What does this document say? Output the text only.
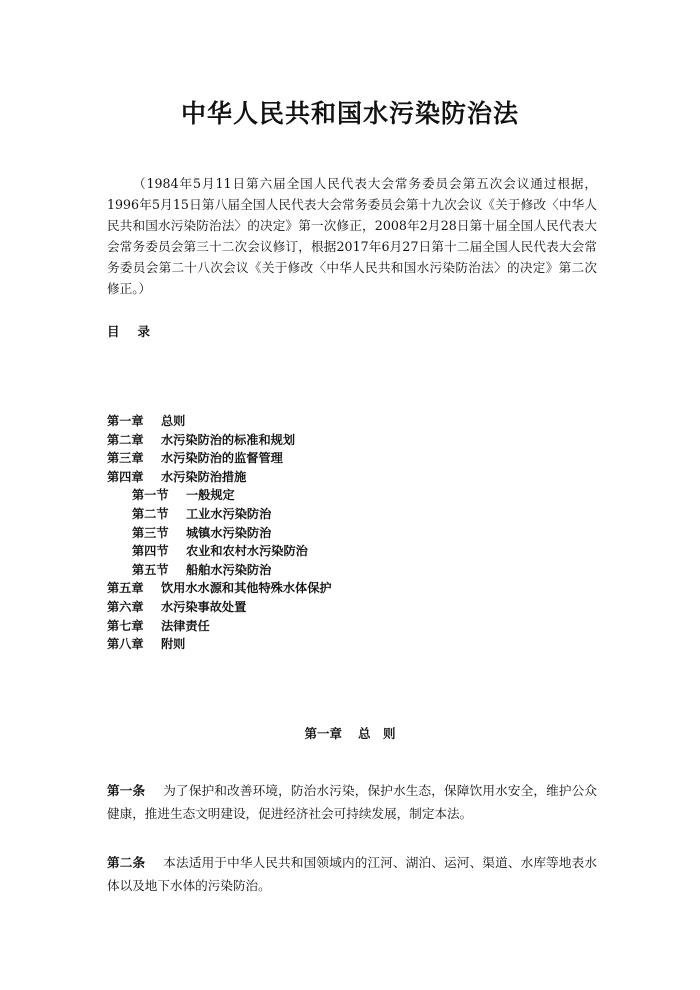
中华人民共和国水污染防治法

（1984年5月11日第六届全国人民代表大会常务委员会第五次会议通过根据，1996年5月15日第八届全国人民代表大会常务委员会第十九次会议《关于修改〈中华人民共和国水污染防治法〉的决定》第一次修正，2008年2月28日第十届全国人民代表大会常务委员会第三十二次会议修订，根据2017年6月27日第十二届全国人民代表大会常务委员会第二十八次会议《关于修改〈中华人民共和国水污染防治法〉的决定》第二次修正。）

目 录
第一章 总则
第二章 水污染防治的标准和规划
第三章 水污染防治的监督管理
第四章 水污染防治措施
第一节 一般规定
第二节 工业水污染防治
第三节 城镇水污染防治
第四节 农业和农村水污染防治
第五节 船舶水污染防治
第五章 饮用水水源和其他特殊水体保护
第六章 水污染事故处置
第七章 法律责任
第八章 附则
第一章 总　则

第一条 为了保护和改善环境，防治水污染，保护水生态，保障饮用水安全，维护公众健康，推进生态文明建设，促进经济社会可持续发展，制定本法。

第二条 本法适用于中华人民共和国领域内的江河、湖泊、运河、渠道、水库等地表水体以及地下水体的污染防治。
